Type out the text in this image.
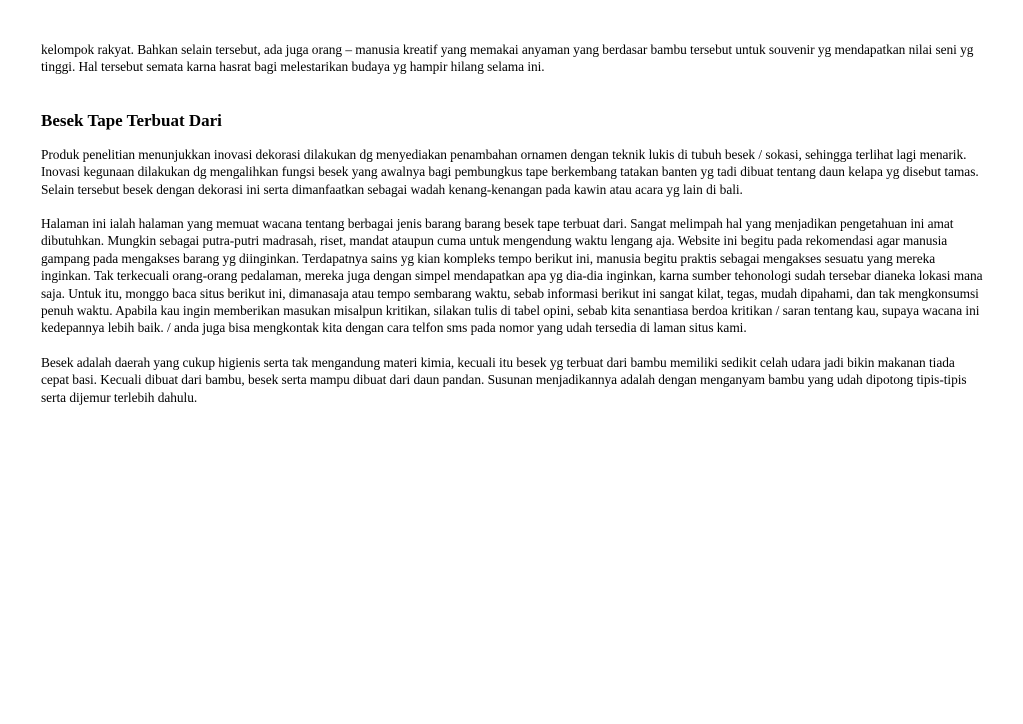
kelompok rakyat. Bahkan selain tersebut, ada juga orang – manusia kreatif yang memakai anyaman yang berdasar bambu tersebut untuk souvenir yg mendapatkan nilai seni yg tinggi. Hal tersebut semata karna hasrat bagi melestarikan budaya yg hampir hilang selama ini.

Besek Tape Terbuat Dari

Produk penelitian menunjukkan inovasi dekorasi dilakukan dg menyediakan penambahan ornamen dengan teknik lukis di tubuh besek / sokasi, sehingga terlihat lagi menarik. Inovasi kegunaan dilakukan dg mengalihkan fungsi besek yang awalnya bagi pembungkus tape berkembang tatakan banten yg tadi dibuat tentang daun kelapa yg disebut tamas. Selain tersebut besek dengan dekorasi ini serta dimanfaatkan sebagai wadah kenang-kenangan pada kawin atau acara yg lain di bali.

Halaman ini ialah halaman yang memuat wacana tentang berbagai jenis barang barang besek tape terbuat dari. Sangat melimpah hal yang menjadikan pengetahuan ini amat dibutuhkan. Mungkin sebagai putra-putri madrasah, riset, mandat ataupun cuma untuk mengendung waktu lengang aja. Website ini begitu pada rekomendasi agar manusia gampang pada mengakses barang yg diinginkan. Terdapatnya sains yg kian kompleks tempo berikut ini, manusia begitu praktis sebagai mengakses sesuatu yang mereka inginkan. Tak terkecuali orang-orang pedalaman, mereka juga dengan simpel mendapatkan apa yg dia-dia inginkan, karna sumber tehonologi sudah tersebar dianeka lokasi mana saja. Untuk itu, monggo baca situs berikut ini, dimanasaja atau tempo sembarang waktu, sebab informasi berikut ini sangat kilat, tegas, mudah dipahami, dan tak mengkonsumsi penuh waktu. Apabila kau ingin memberikan masukan misalpun kritikan, silakan tulis di tabel opini, sebab kita senantiasa berdoa kritikan / saran tentang kau, supaya wacana ini kedepannya lebih baik. / anda juga bisa mengkontak kita dengan cara telfon sms pada nomor yang udah tersedia di laman situs kami.

Besek adalah daerah yang cukup higienis serta tak mengandung materi kimia, kecuali itu besek yg terbuat dari bambu memiliki sedikit celah udara jadi bikin makanan tiada cepat basi. Kecuali dibuat dari bambu, besek serta mampu dibuat dari daun pandan. Susunan menjadikannya adalah dengan menganyam bambu yang udah dipotong tipis-tipis serta dijemur terlebih dahulu.
